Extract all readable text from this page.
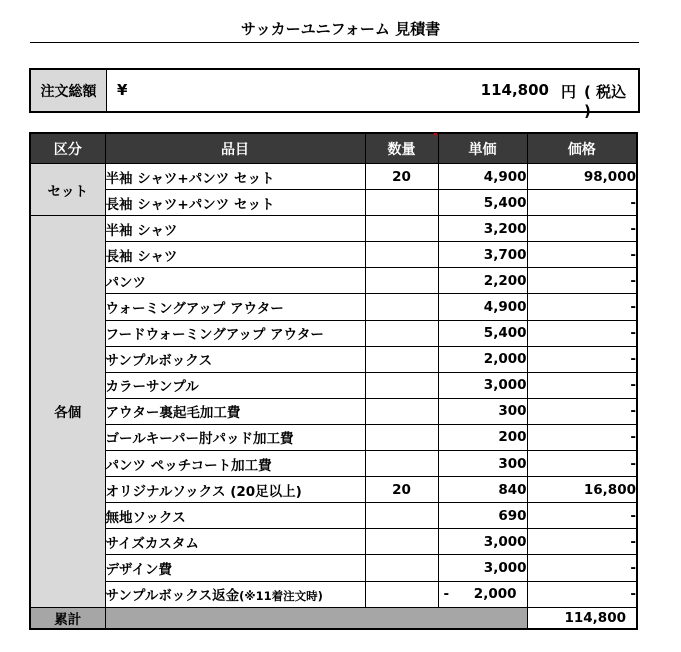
サッカーユニフォーム 見積書
注文総額	¥	114,800 円 ( 税込 )
区分	品目	数量	単価	価格
セット	半袖 シャツ+パンツ セット	20	4,900	98,000
	長袖 シャツ+パンツ セット		5,400	-
各個	半袖 シャツ		3,200	-
	長袖 シャツ		3,700	-
	パンツ		2,200	-
	ウォーミングアップ アウター		4,900	-
	フードウォーミングアップ アウター		5,400	-
	サンプルボックス		2,000	-
	カラーサンプル		3,000	-
	アウター裏起毛加工費		300	-
	ゴールキーパー肘パッド加工費		200	-
	パンツ ペッチコート加工費		300	-
	オリジナルソックス (20足以上)	20	840	16,800
	無地ソックス		690	-
	サイズカスタム		3,000	-
	デザイン費		3,000	-
	サンプルボックス返金(※11着注文時)		- 2,000	-
累計				114,800
